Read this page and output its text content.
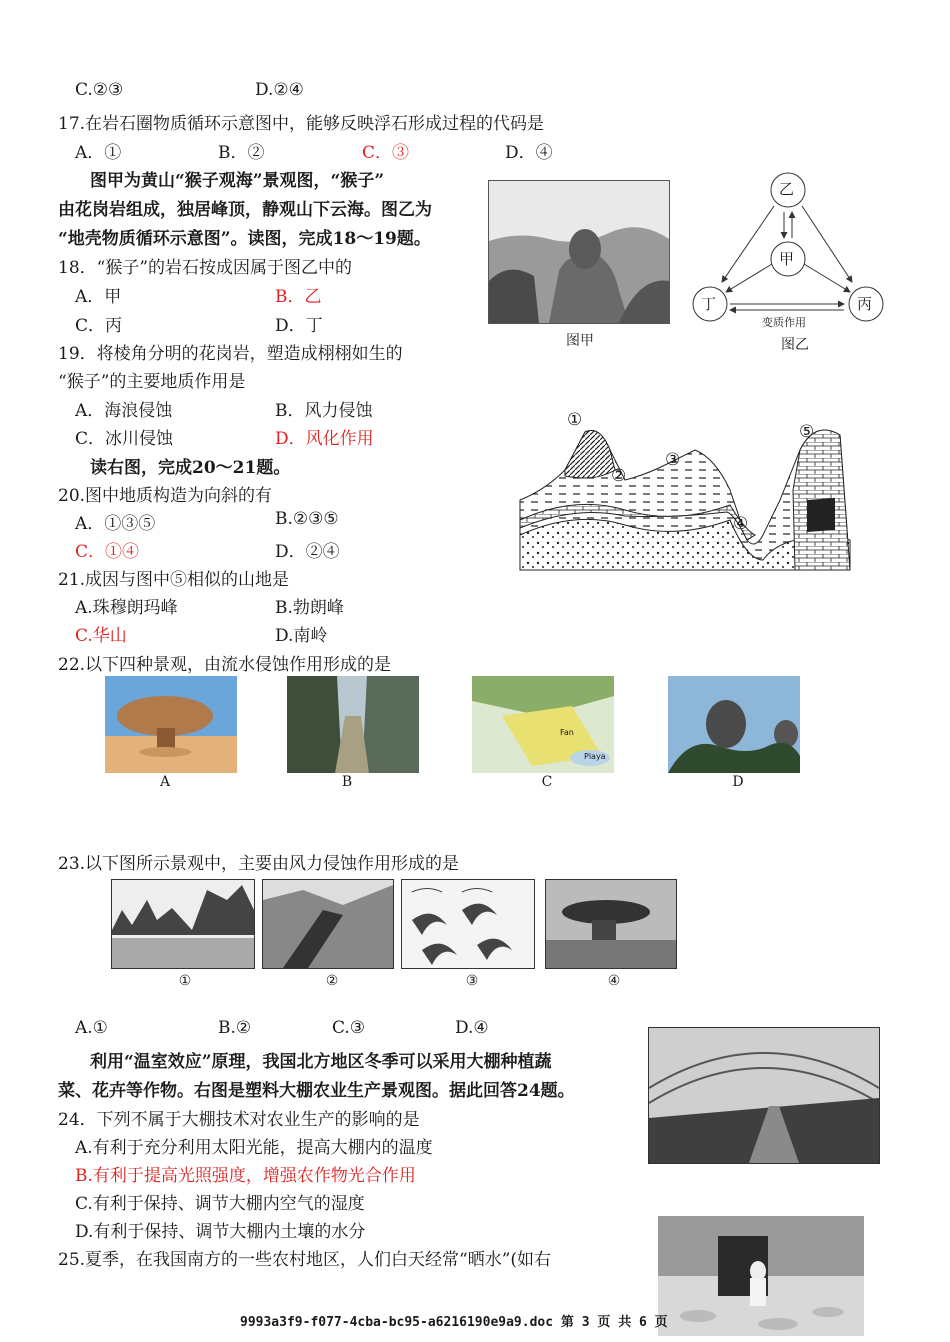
C.②③	D.②④
17.在岩石圈物质循环示意图中，能够反映浮石形成过程的代码是
A．①	B．②	C．③	D．④
图甲为黄山“猴子观海”景观图，“猴子”
由花岗岩组成，独居峰顶，静观山下云海。图乙为
“地壳物质循环示意图”。读图，完成18～19题。
18．“猴子”的岩石按成因属于图乙中的
A．甲	B．乙
C．丙	D．丁
19．将棱角分明的花岗岩，塑造成栩栩如生的
“猴子”的主要地质作用是
A．海浪侵蚀	B．风力侵蚀
C．冰川侵蚀	D．风化作用
图甲
乙
甲
丁	丙
变质作用
图乙
读右图，完成20～21题。
20.图中地质构造为向斜的有
A．①③⑤	B.②③⑤
C．①④	D．②④
①
②
③
④
⑤
21.成因与图中⑤相似的山地是
A.珠穆朗玛峰	B.勃朗峰
C.华山	D.南岭
22.以下四种景观，由流水侵蚀作用形成的是
Fan
Playa
A	B	C	D
23.以下图所示景观中，主要由风力侵蚀作用形成的是
①	②	③	④
A.①	B.②	C.③	D.④
利用“温室效应”原理，我国北方地区冬季可以采用大棚种植蔬
菜、花卉等作物。右图是塑料大棚农业生产景观图。据此回答24题。
24．下列不属于大棚技术对农业生产的影响的是
A.有利于充分利用太阳光能，提高大棚内的温度
B.有利于提高光照强度，增强农作物光合作用
C.有利于保持、调节大棚内空气的湿度
D.有利于保持、调节大棚内土壤的水分
25.夏季，在我国南方的一些农村地区，人们白天经常“晒水”(如右
9993a3f9-f077-4cba-bc95-a6216190e9a9.doc 第 3 页 共 6 页
